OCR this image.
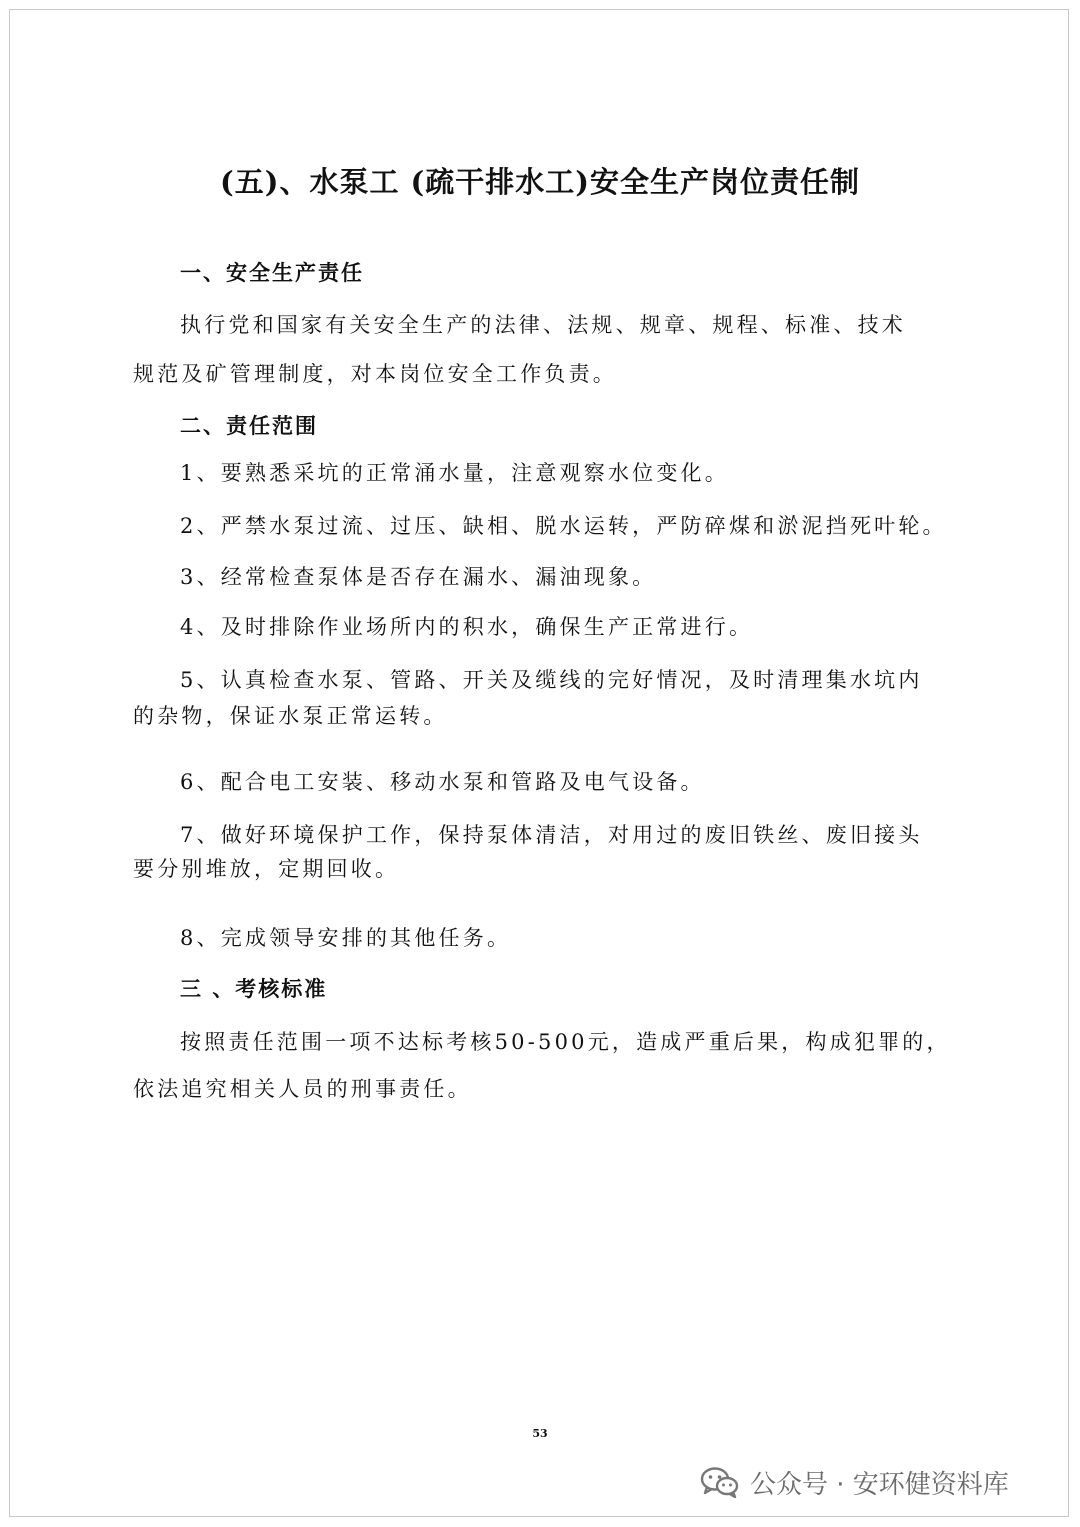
(五)、水泵工 (疏干排水工)安全生产岗位责任制
一、安全生产责任
执行党和国家有关安全生产的法律、法规、规章、规程、标准、技术
规范及矿管理制度，对本岗位安全工作负责。
二、责任范围
1、要熟悉采坑的正常涌水量，注意观察水位变化。
2、严禁水泵过流、过压、缺相、脱水运转，严防碎煤和淤泥挡死叶轮。
3、经常检查泵体是否存在漏水、漏油现象。
4、及时排除作业场所内的积水，确保生产正常进行。
5、认真检查水泵、管路、开关及缆线的完好情况，及时清理集水坑内
的杂物，保证水泵正常运转。
6、配合电工安装、移动水泵和管路及电气设备。
7、做好环境保护工作，保持泵体清洁，对用过的废旧铁丝、废旧接头
要分别堆放，定期回收。
8、完成领导安排的其他任务。
三 、考核标准
按照责任范围一项不达标考核50-500元，造成严重后果，构成犯罪的，
依法追究相关人员的刑事责任。
53
公众号 · 安环健资料库
